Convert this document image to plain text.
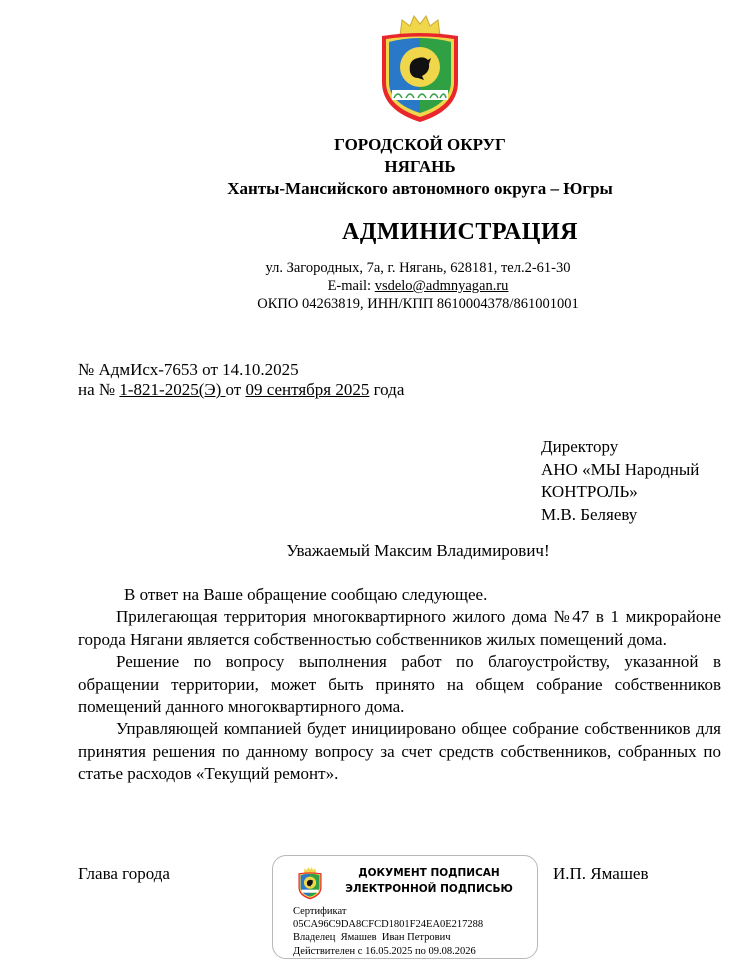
ГОРОДСКОЙ ОКРУГ
НЯГАНЬ
Ханты-Мансийского автономного округа – Югры
АДМИНИСТРАЦИЯ
ул. Загородных, 7а, г. Нягань, 628181, тел.2-61-30
E-mail: vsdelo@admnyagan.ru
ОКПО 04263819, ИНН/КПП 8610004378/861001001
№ АдмИсх-7653 от 14.10.2025
на № 1-821-2025(Э) от 09 сентября 2025 года
Директору
АНО «МЫ Народный
КОНТРОЛЬ»
М.В. Беляеву
Уважаемый Максим Владимирович!

В ответ на Ваше обращение сообщаю следующее.

Прилегающая территория многоквартирного жилого дома №47 в 1 микрорайоне города Нягани является собственностью собственников жилых помещений дома.

Решение по вопросу выполнения работ по благоустройству, указанной в обращении территории, может быть принято на общем собрание собственников помещений данного многоквартирного дома.

Управляющей компанией будет инициировано общее собрание собственников для принятия решения по данному вопросу за счет средств собственников, собранных по статье расходов «Текущий ремонт».

Глава города	И.П. Ямашев
ДОКУМЕНТ ПОДПИСАН
ЭЛЕКТРОННОЙ ПОДПИСЬЮ
Сертификат
05CA96C9DA8CFCD1801F24EA0E217288
Владелец  Ямашев  Иван Петрович
Действителен с 16.05.2025 по 09.08.2026
